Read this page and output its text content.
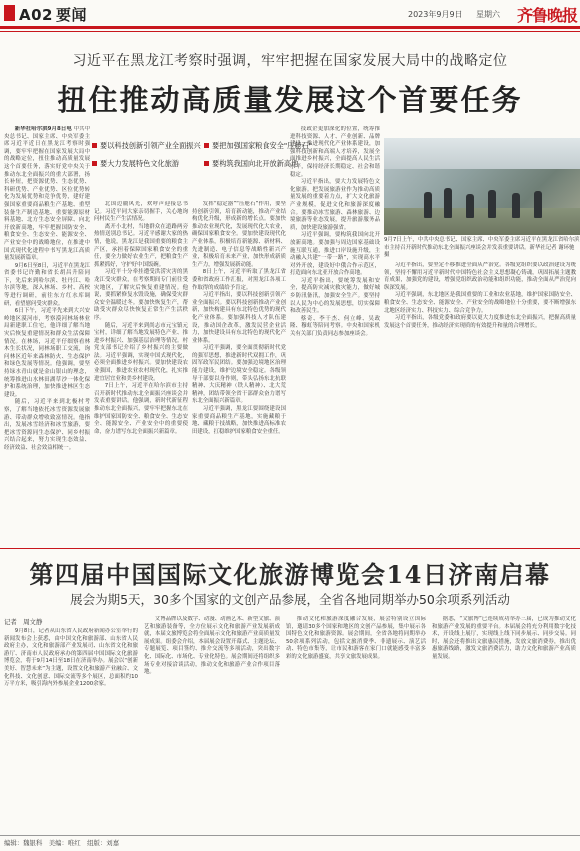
A02 要闻	2023年9月9日 星期六 齐鲁晚报
习近平在黑龙江考察时强调，牢牢把握在国家发展大局中的战略定位
扭住推动高质量发展这个首要任务
要以科技创新引领产业全面振兴	要把加强国家粮食安全"压舱石"
要大力发展特色文化旅游	要构筑我国向北开放新高地

新华社哈尔滨9月8日电 中共中央总书记、国家主席、中央军委主席习近平近日在黑龙江考察时强调，要牢牢把握在国家发展大局中的战略定位，扭住推动高质量发展这个首要任务，落实好党中央关于推动东北全面振兴的重大部署，扬长补短，把资源优势、生态优势、科研优势、产业优势、区位优势转化为发展优势和竞争优势，建好建强国家重要商品粮生产基地、重型装备生产制造基地、重要能源原材料基地、北方生态安全屏障、向北开放新高地，牢牢把握国防安全、粮食安全、生态安全、能源安全、产业安全中的战略地位，在推进中国式现代化进程中书写黑龙江高质量发展新篇章。

9月6日至8日，习近平在黑龙江省委书记许勤和省长胡昌升陪同下，先后来到哈尔滨、牡丹江、哈尔滨等地，深入林场、乡村、高校等进行调研，前往东方红水库调研，看望慰问受灾群众。

6日下午，习近平先来到大兴安岭地区漠河市，考察漠河林场林业局新建职工住宅，他详细了解当地灾后恢复重建情况和群众生活保障情况。在林场，习近平仔细察看林木生长状况，同林场职工交流，询问林区近年来森林防火、生态保护和绿色发展等情况。他强调，要坚持绿水青山就是金山银山的理念，统筹推进山水林田湖草沙一体化保护和系统治理，加快推进林区生态建设。

随后，习近平来到北极村考察，了解当地依托冰雪资源发展旅游、带动群众增收致富情况。他指出，发展冰雪经济和冰雪旅游，要把冰雪资源同生态保护、同乡村振兴结合起来，努力实现生态效益、经济效益、社会效益相统一。

北国边疆风光，欢呼声迎接总书记。习近平同大家亲切握手，关心地询问村民生产生活情况。

离开小北村，当地群众在道路两旁热情送别总书记。习近平感谢大家的热情，他说，黑龙江是我国重要的粮食主产区，承担着保障国家粮食安全的重任，要全力做好农业生产，把粮食生产抓紧抓好，守护好中国饭碗。

习近平十分牵挂遭受洪涝灾害的黑龙江受灾群众，在考察期间专门前往受灾地区，了解灾后恢复重建情况。他说，要抓紧修复水毁设施，确保受灾群众安全温暖过冬。要加快恢复生产，帮助受灾群众尽快恢复正常生产生活秩序。

随后，习近平来到尚志市元宝镇元宝村，详细了解当地发展特色产业、推进乡村振兴、加强基层治理等情况。村党支部书记介绍了乡村振兴的主要做法。习近平强调，实现中国式现代化，必须全面推进乡村振兴。要加快建设农业强国，推进农业农村现代化，扎实推进宜居宜业和美乡村建设。

7日上午，习近平在哈尔滨市主持召开新时代推动东北全面振兴座谈会并发表重要讲话。他强调，新时代新征程推动东北全面振兴，要牢牢把握东北在维护国家国防安全、粮食安全、生态安全、能源安全、产业安全中的重要使命，奋力谱写东北全面振兴新篇章。

发挥“稳定器”“压舱石”作用，要坚持创新引领，培育新动能，推动产业结构优化升级，形成新的增长点。要加快推动农业现代化，发展现代化大农业，确保国家粮食安全。要加快建设现代化产业体系，积极培育新能源、新材料、先进制造、电子信息等战略性新兴产业，积极培育未来产业，加快形成新质生产力，增强发展新动能。

8日上午，习近平听取了黑龙江省委和省政府工作汇报，对黑龙江各项工作取得的成绩给予肯定。

习近平指出，要以科技创新引领产业全面振兴。要以科技创新推动产业创新，加快构建具有东北特色优势的现代化产业体系。要加强科技人才队伍建设，推动国企改革，激发民营企业活力，加快建设具有东北特色的现代化产业体系。

习近平强调，要全面贯彻新时代党的强军思想，推进新时代双拥工作，巩固军政军民团结。要加强边境地区治理能力建设，维护边境安全稳定。各级领导干部要以身作则，带头弘扬东北抗联精神、大庆精神（铁人精神）、北大荒精神，团结带领全省干部群众奋力谱写东北全面振兴新篇章。

习近平强调，黑龙江要围绕建设国家重要商品粮生产基地，实施藏粮于地、藏粮于技战略，加快推进高标准农田建设，扛稳维护国家粮食安全重任。

技政企更加深化的位置，统筹推进科技资源、人才、产业创新、品牌建设、推进现代化产业体系建设，加强科技创新和高端人才培养，发展全面推进乡村振兴，全面提高人民生活水平，保持经济长期稳定、社会和谐稳定。

习近平指出，要大力发展特色文化旅游。把发展旅游业作为推动高质量发展的重要着力点，扩大文化旅游产业规模，促进文化和旅游深度融合。要推动冰雪旅游、森林旅游、边境旅游等业态发展，提升旅游服务品质，加快建设旅游强省。

习近平强调，要构筑我国向北开放新高地。要加强与周边国家基础设施互联互通，推进口岸设施升级，主动融入共建“一带一路”，实现高水平对外开放，建设好中俄合作示范区，打造面向东北亚开放合作高地。

习近平指出，要统筹发展和安全，提高防灾减灾救灾能力，做好城乡防汛备汛，加强安全生产。要坚持以人民为中心的发展思想，切实保障和改善民生。

蔡奇、李干杰、何立峰、吴政隆、穆虹等陪同考察。中央和国家机关有关部门负责同志参加座谈会。

9月7日上午，中共中央总书记、国家主席、中央军委主席习近平在黑龙江省哈尔滨市主持召开新时代推动东北全面振兴座谈会并发表重要讲话。新华社记者 谢环驰 摄

习近平指出，要坚定不移推进全面从严治党。各级党组织要以政治建设为统领，坚持不懈用习近平新时代中国特色社会主义思想凝心铸魂，巩固拓展主题教育成果，加强党的建设，增强党组织政治功能和组织功能，推动全面从严治党向纵深发展。

习近平强调，东北地区是我国重要的工业和农业基地，维护国家国防安全、粮食安全、生态安全、能源安全、产业安全的战略地位十分重要，要不断增强东北地区经济实力、科技实力、综合竞争力。

习近平指出，各级党委和政府要以更大力度推进东北全面振兴，把握高质量发展这个首要任务，推动经济实现质的有效提升和量的合理增长。

第四届中国国际文化旅游博览会14日济南启幕
展会为期5天，30多个国家的文创产品参展，全省各地同期举办50余项系列活动
记者　周文静

9月8日，记者从山东省人民政府新闻办公室举行的新闻发布会上获悉，由中国文化和旅游部、山东省人民政府主办，文化和旅游部产业发展司、山东省文化和旅游厅、济南市人民政府承办的第四届中国国际文化旅游博览会，将于9月14日至18日在济南举办。展会以“创新美好、智慧未来”为主题，设置文化和旅游产业融合、文化科技、文化创意、国际交流等多个展区，总面积约10万平方米，吸引海内外参展企业1200余家。

文博品牌以及数字、动漫、动画艺术、新型文旅、演艺和旅游装备等，全方位展示文化和旅游产业发展新成就，本届文旅博览会将全面展示文化和旅游产业高质量发展成果。组委会介绍，本届展会设置开幕式、主题论坛、专题展览、项目签约、推介交流等多项活动，突出数字化、国际化、市场化、专业化特色。展会期间还将组织多场专业对接洽谈活动，推动文化和旅游产业合作项目落地。

推动文化和旅游深度融合发展，展会特别设立国际馆，邀请30多个国家和地区的文创产品参展，集中展示各国特色文化和旅游资源。展会期间，全省各地将同期举办50余项系列活动，包括文旅消费季、非遗展示、演艺活动、特色市集等，让市民和游客在家门口就能感受丰富多彩的文化旅游盛宴，共享文旅发展成果。

据悉，“文旅博”已连续成功举办三届，已成为推动文化和旅游产业发展的重要平台。本届展会将充分利用数字化技术，开设线上展厅，实现线上线下同步展示、同步交易。同时，展会还将推出文旅惠民措施，发放文旅消费券，推出优惠旅游线路，激发文旅消费活力，助力文化和旅游产业高质量发展。

编辑：魏银科　美编：唯红　组版：刘嘉
